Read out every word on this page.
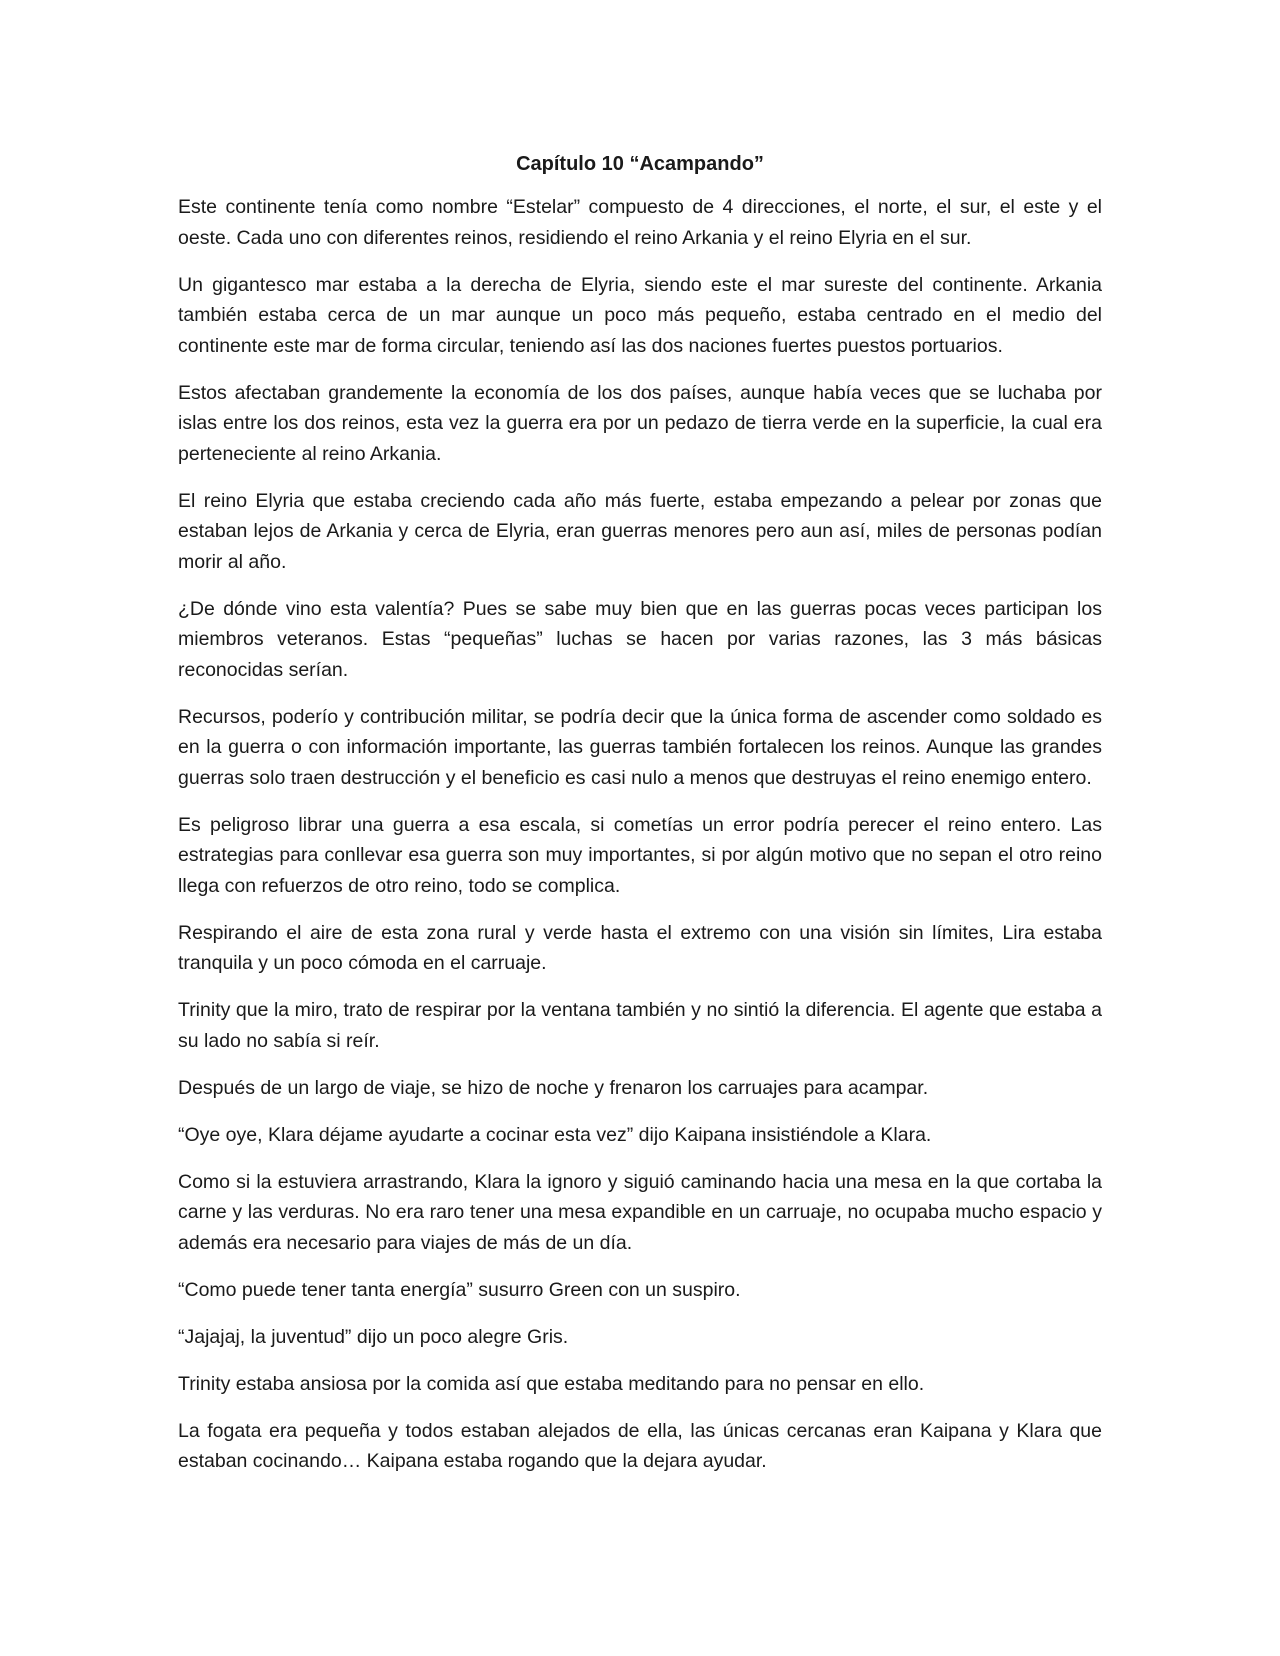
Capítulo 10 “Acampando”

Este continente tenía como nombre “Estelar” compuesto de 4 direcciones, el norte, el sur, el este y el oeste. Cada uno con diferentes reinos, residiendo el reino Arkania y el reino Elyria en el sur.

Un gigantesco mar estaba a la derecha de Elyria, siendo este el mar sureste del continente. Arkania también estaba cerca de un mar aunque un poco más pequeño, estaba centrado en el medio del continente este mar de forma circular, teniendo así las dos naciones fuertes puestos portuarios.

Estos afectaban grandemente la economía de los dos países, aunque había veces que se luchaba por islas entre los dos reinos, esta vez la guerra era por un pedazo de tierra verde en la superficie, la cual era perteneciente al reino Arkania.

El reino Elyria que estaba creciendo cada año más fuerte, estaba empezando a pelear por zonas que estaban lejos de Arkania y cerca de Elyria, eran guerras menores pero aun así, miles de personas podían morir al año.

¿De dónde vino esta valentía? Pues se sabe muy bien que en las guerras pocas veces participan los miembros veteranos. Estas “pequeñas” luchas se hacen por varias razones, las 3 más básicas reconocidas serían.

Recursos, poderío y contribución militar, se podría decir que la única forma de ascender como soldado es en la guerra o con información importante, las guerras también fortalecen los reinos. Aunque las grandes guerras solo traen destrucción y el beneficio es casi nulo a menos que destruyas el reino enemigo entero.

Es peligroso librar una guerra a esa escala, si cometías un error podría perecer el reino entero. Las estrategias para conllevar esa guerra son muy importantes, si por algún motivo que no sepan el otro reino llega con refuerzos de otro reino, todo se complica.

Respirando el aire de esta zona rural y verde hasta el extremo con una visión sin límites, Lira estaba tranquila y un poco cómoda en el carruaje.

Trinity que la miro, trato de respirar por la ventana también y no sintió la diferencia. El agente que estaba a su lado no sabía si reír.

Después de un largo de viaje, se hizo de noche y frenaron los carruajes para acampar.

“Oye oye, Klara déjame ayudarte a cocinar esta vez” dijo Kaipana insistiéndole a Klara.

Como si la estuviera arrastrando, Klara la ignoro y siguió caminando hacia una mesa en la que cortaba la carne y las verduras. No era raro tener una mesa expandible en un carruaje, no ocupaba mucho espacio y además era necesario para viajes de más de un día.

“Como puede tener tanta energía” susurro Green con un suspiro.

“Jajajaj, la juventud” dijo un poco alegre Gris.

Trinity estaba ansiosa por la comida así que estaba meditando para no pensar en ello.

La fogata era pequeña y todos estaban alejados de ella, las únicas cercanas eran Kaipana y Klara que estaban cocinando… Kaipana estaba rogando que la dejara ayudar.
